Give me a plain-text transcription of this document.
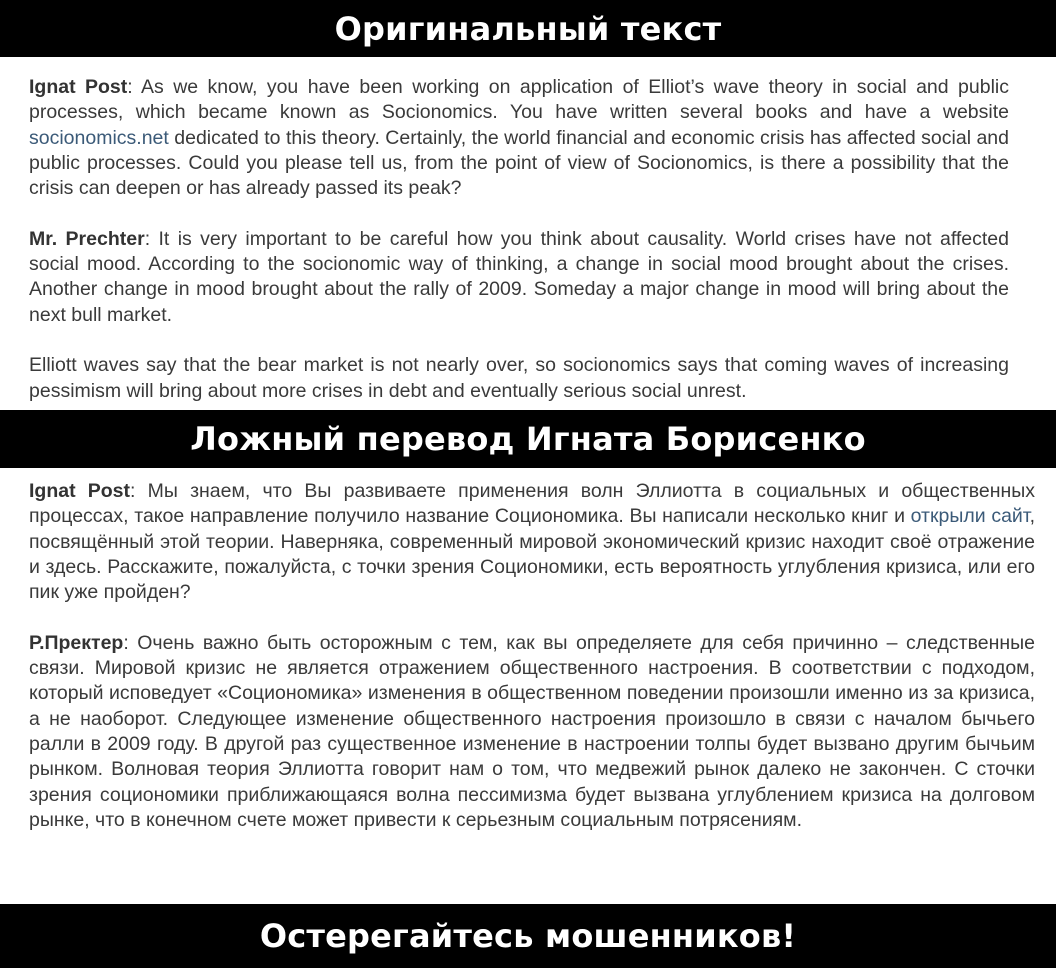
Оригинальный текст

Ignat Post: As we know, you have been working on application of Elliot’s wave theory in social and public processes, which became known as Socionomics. You have written several books and have a website socionomics.net dedicated to this theory. Certainly, the world financial and economic crisis has affected social and public processes. Could you please tell us, from the point of view of Socionomics, is there a possibility that the crisis can deepen or has already passed its peak?

Mr. Prechter: It is very important to be careful how you think about causality. World crises have not affected social mood. According to the socionomic way of thinking, a change in social mood brought about the crises. Another change in mood brought about the rally of 2009. Someday a major change in mood will bring about the next bull market.

Elliott waves say that the bear market is not nearly over, so socionomics says that coming waves of increasing pessimism will bring about more crises in debt and eventually serious social unrest.

Ложный перевод Игната Борисенко

Ignat Post: Мы знаем, что Вы развиваете применения волн Эллиотта в социальных и общественных процессах, такое направление получило название Социономика. Вы написали несколько книг и открыли сайт, посвящённый этой теории. Наверняка, современный мировой экономический кризис находит своё отражение и здесь. Расскажите, пожалуйста, с точки зрения Социономики, есть вероятность углубления кризиса, или его пик уже пройден?

Р.Пректер: Очень важно быть осторожным с тем, как вы определяете для себя причинно – следственные связи. Мировой кризис не является отражением общественного настроения. В соответствии с подходом, который исповедует «Социономика» изменения в общественном поведении произошли именно из за кризиса, а не наоборот. Следующее изменение общественного настроения произошло в связи с началом бычьего ралли в 2009 году. В другой раз существенное изменение в настроении толпы будет вызвано другим бычьим рынком. Волновая теория Эллиотта говорит нам о том, что медвежий рынок далеко не закончен. С сточки зрения социономики приближающаяся волна пессимизма будет вызвана углублением кризиса на долговом рынке, что в конечном счете может привести к серьезным социальным потрясениям.

Остерегайтесь мошенников!
